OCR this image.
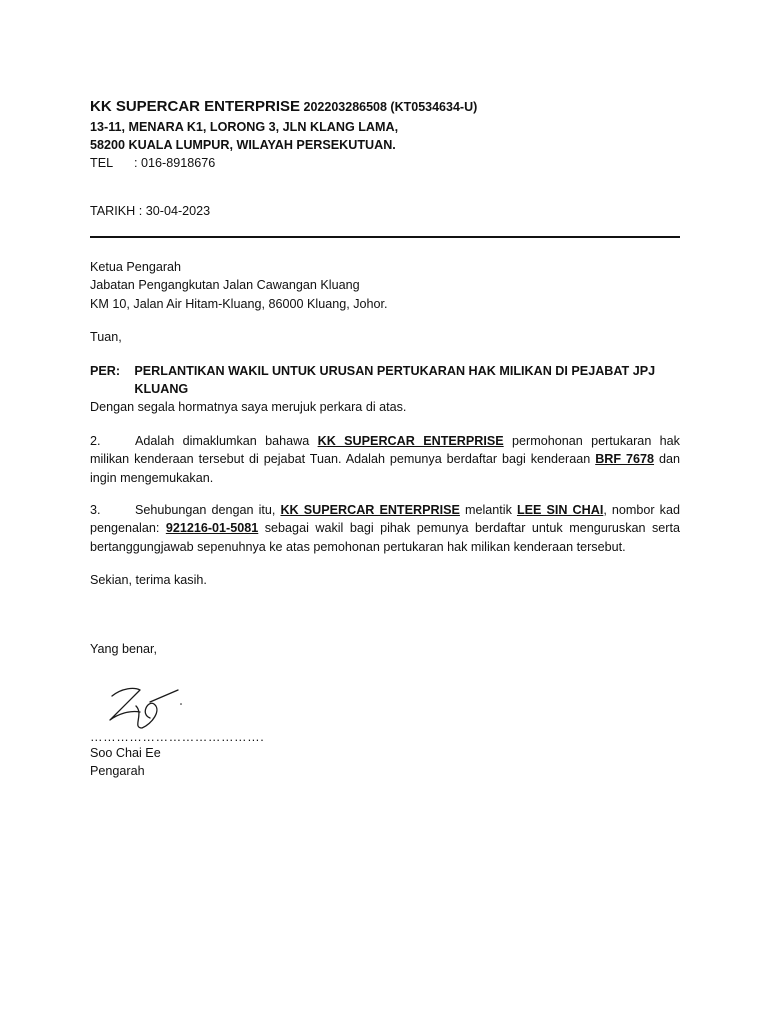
KK SUPERCAR ENTERPRISE 202203286508 (KT0534634-U)
13-11, MENARA K1, LORONG 3, JLN KLANG LAMA,
58200 KUALA LUMPUR, WILAYAH PERSEKUTUAN.
TEL	: 016-8918676
TARIKH : 30-04-2023
Ketua Pengarah
Jabatan Pengangkutan Jalan Cawangan Kluang
KM 10, Jalan Air Hitam-Kluang, 86000 Kluang, Johor.
Tuan,
PER:	PERLANTIKAN WAKIL UNTUK URUSAN PERTUKARAN HAK MILIKAN DI PEJABAT JPJ KLUANG
Dengan segala hormatnya saya merujuk perkara di atas.
2.	Adalah dimaklumkan bahawa KK SUPERCAR ENTERPRISE permohonan pertukaran hak milikan kenderaan tersebut di pejabat Tuan. Adalah pemunya berdaftar bagi kenderaan BRF 7678 dan ingin mengemukakan.
3.	Sehubungan dengan itu, KK SUPERCAR ENTERPRISE melantik LEE SIN CHAI, nombor kad pengenalan: 921216-01-5081 sebagai wakil bagi pihak pemunya berdaftar untuk menguruskan serta bertanggungjawab sepenuhnya ke atas pemohonan pertukaran hak milikan kenderaan tersebut.
Sekian, terima kasih.
Yang benar,
………………………………….
Soo Chai Ee
Pengarah
